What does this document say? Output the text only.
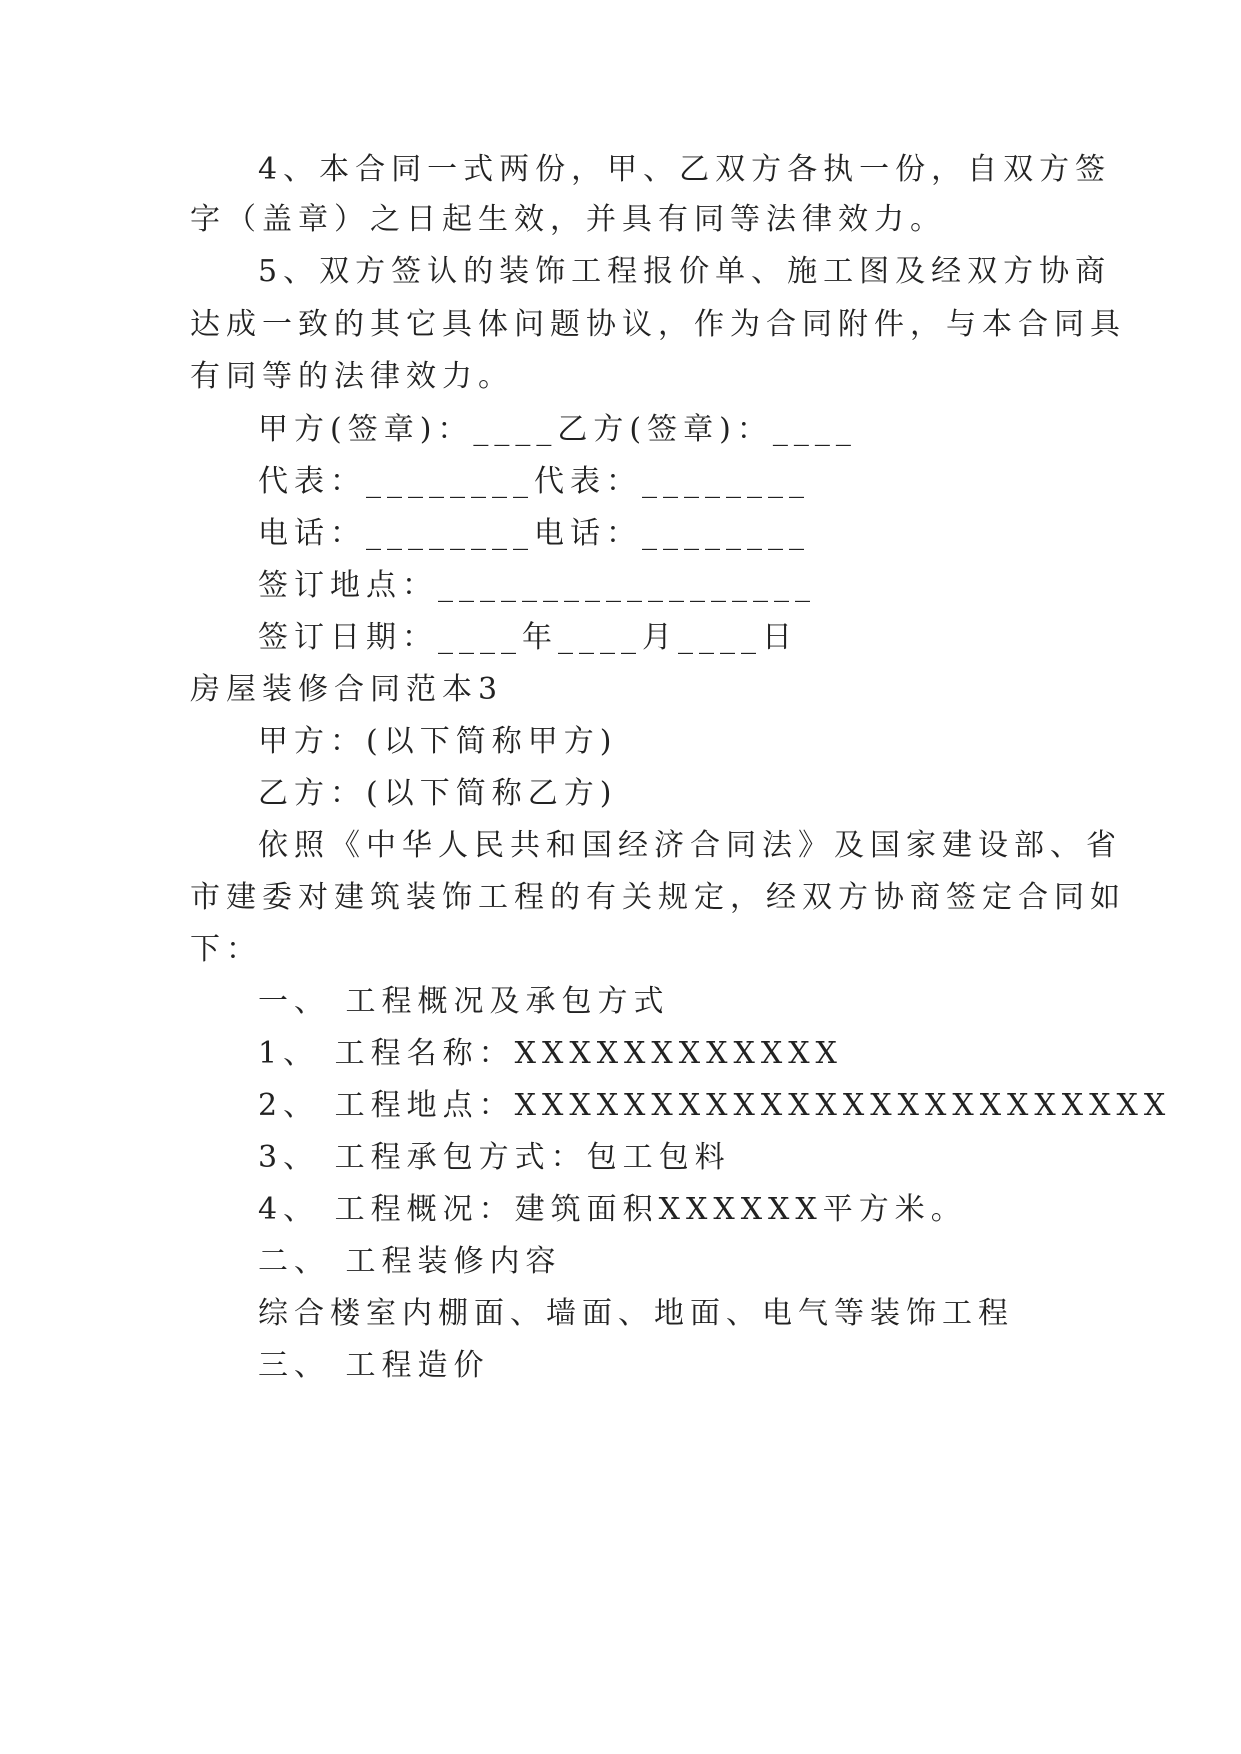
4、本合同一式两份，甲、乙双方各执一份，自双方签
字（盖章）之日起生效，并具有同等法律效力。
5、双方签认的装饰工程报价单、施工图及经双方协商
达成一致的其它具体问题协议，作为合同附件，与本合同具
有同等的法律效力。
甲方(签章)：____乙方(签章)：____
代表：________代表：________
电话：________电话：________
签订地点：__________________
签订日期：____年____月____日
房屋装修合同范本3
甲方：(以下简称甲方)
乙方：(以下简称乙方)
依照《中华人民共和国经济合同法》及国家建设部、省
市建委对建筑装饰工程的有关规定，经双方协商签定合同如
下：
一、 工程概况及承包方式
1、 工程名称：XXXXXXXXXXXX
2、 工程地点：XXXXXXXXXXXXXXXXXXXXXXXX
3、 工程承包方式：包工包料
4、 工程概况：建筑面积XXXXXX平方米。
二、 工程装修内容
综合楼室内棚面、墙面、地面、电气等装饰工程
三、 工程造价
